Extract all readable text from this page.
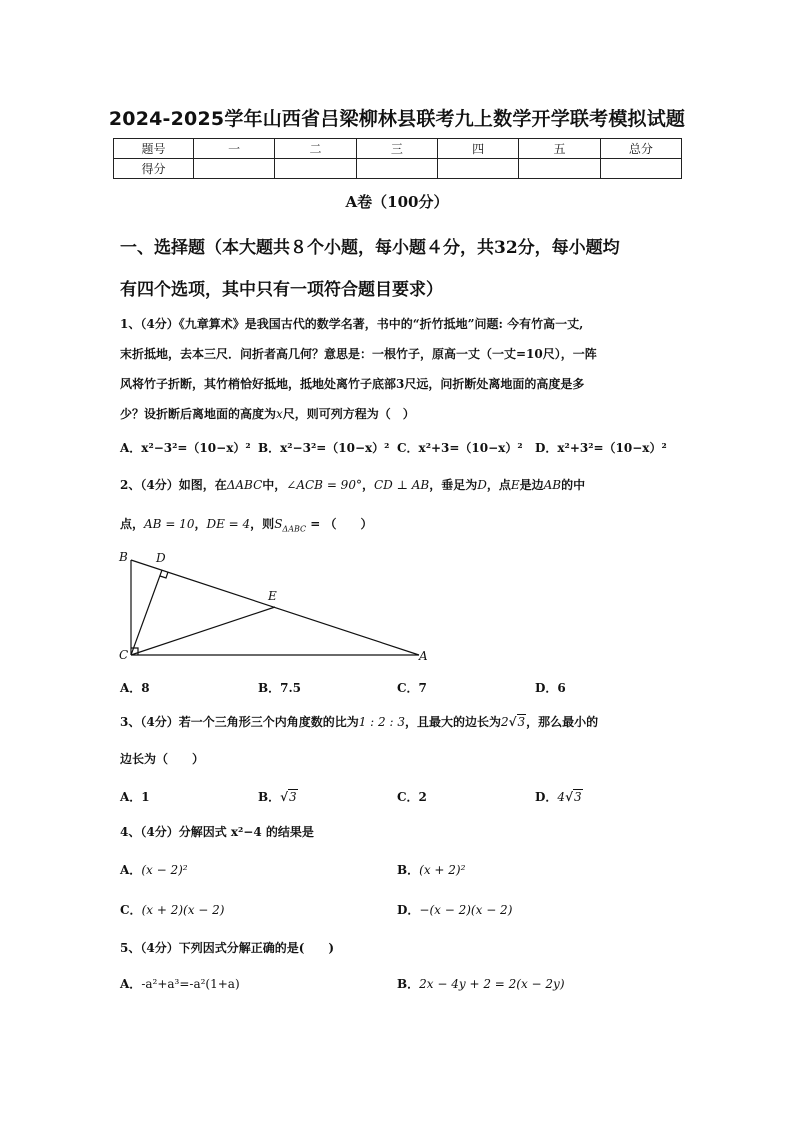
2024-2025学年山西省吕梁柳林县联考九上数学开学联考模拟试题
题号	一	二	三	四	五	总分
得分						
A卷（100分）
一、选择题（本大题共８个小题，每小题４分，共32分，每小题均
有四个选项，其中只有一项符合题目要求）
1、（4分）《九章算术》是我国古代的数学名著，书中的“折竹抵地”问题: 今有竹高一丈,
末折抵地，去本三尺．问折者高几何？意思是：一根竹子，原高一丈（一丈=10尺），一阵
风将竹子折断，其竹梢恰好抵地，抵地处离竹子底部3尺远，问折断处离地面的高度是多
少？设折断后离地面的高度为x尺，则可列方程为（　）
A．x²−3²=（10−x）² B．x²−3²=（10−x）² C．x²+3=（10−x）² D．x²+3²=（10−x）²
2、（4分）如图，在ΔABC中，∠ACB = 90°，CD ⊥ AB，垂足为D，点E是边AB的中
点，AB = 10，DE = 4，则$S_{\Delta ABC}$ = （　　）
B D
E
C	A
A．8	B．7.5	C．7	D．6
3、（4分）若一个三角形三个内角度数的比为1 : 2 : 3，且最大的边长为2√3，那么最小的
边长为（　　）
A．1	B．√3	C．2	D．4√3
4、（4分）分解因式 x²−4 的结果是
A．(x − 2)²	B．(x + 2)²
C．(x + 2)(x − 2)	D．−(x − 2)(x − 2)
5、（4分）下列因式分解正确的是(　　)
A．-a²+a³=-a²(1+a)	B．2x − 4y + 2 = 2(x − 2y)
